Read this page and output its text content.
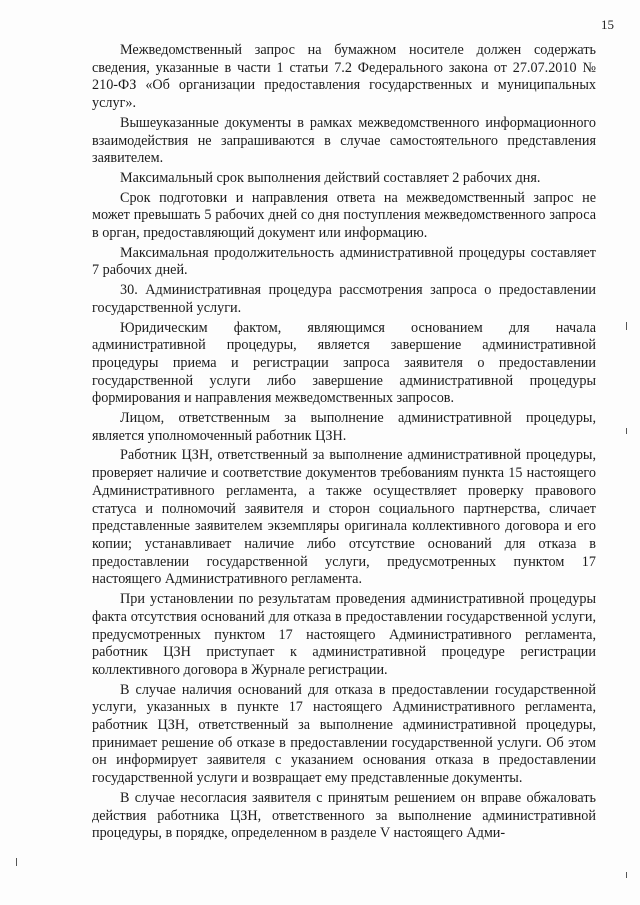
15

Межведомственный запрос на бумажном носителе должен содержать сведения, указанные в части 1 статьи 7.2 Федерального закона от 27.07.2010 № 210-ФЗ «Об организации предоставления государственных и муниципальных услуг».

Вышеуказанные документы в рамках межведомственного информационного взаимодействия не запрашиваются в случае самостоятельного представления заявителем.

Максимальный срок выполнения действий составляет 2 рабочих дня.

Срок подготовки и направления ответа на межведомственный запрос не может превышать 5 рабочих дней со дня поступления межведомственного запроса в орган, предоставляющий документ или информацию.

Максимальная продолжительность административной процедуры составляет 7 рабочих дней.

30. Административная процедура рассмотрения запроса о предоставлении государственной услуги.

Юридическим фактом, являющимся основанием для начала административной процедуры, является завершение административной процедуры приема и регистрации запроса заявителя о предоставлении государственной услуги либо завершение административной процедуры формирования и направления межведомственных запросов.

Лицом, ответственным за выполнение административной процедуры, является уполномоченный работник ЦЗН.

Работник ЦЗН, ответственный за выполнение административной процедуры, проверяет наличие и соответствие документов требованиям пункта 15 настоящего Административного регламента, а также осуществляет проверку правового статуса и полномочий заявителя и сторон социального партнерства, сличает представленные заявителем экземпляры оригинала коллективного договора и его копии; устанавливает наличие либо отсутствие оснований для отказа в предоставлении государственной услуги, предусмотренных пунктом 17 настоящего Административного регламента.

При установлении по результатам проведения административной процедуры факта отсутствия оснований для отказа в предоставлении государственной услуги, предусмотренных пунктом 17 настоящего Административного регламента, работник ЦЗН приступает к административной процедуре регистрации коллективного договора в Журнале регистрации.

В случае наличия оснований для отказа в предоставлении государственной услуги, указанных в пункте 17 настоящего Административного регламента, работник ЦЗН, ответственный за выполнение административной процедуры, принимает решение об отказе в предоставлении государственной услуги. Об этом он информирует заявителя с указанием основания отказа в предоставлении государственной услуги и возвращает ему представленные документы.

В случае несогласия заявителя с принятым решением он вправе обжаловать действия работника ЦЗН, ответственного за выполнение административной процедуры, в порядке, определенном в разделе V настоящего Адми-
